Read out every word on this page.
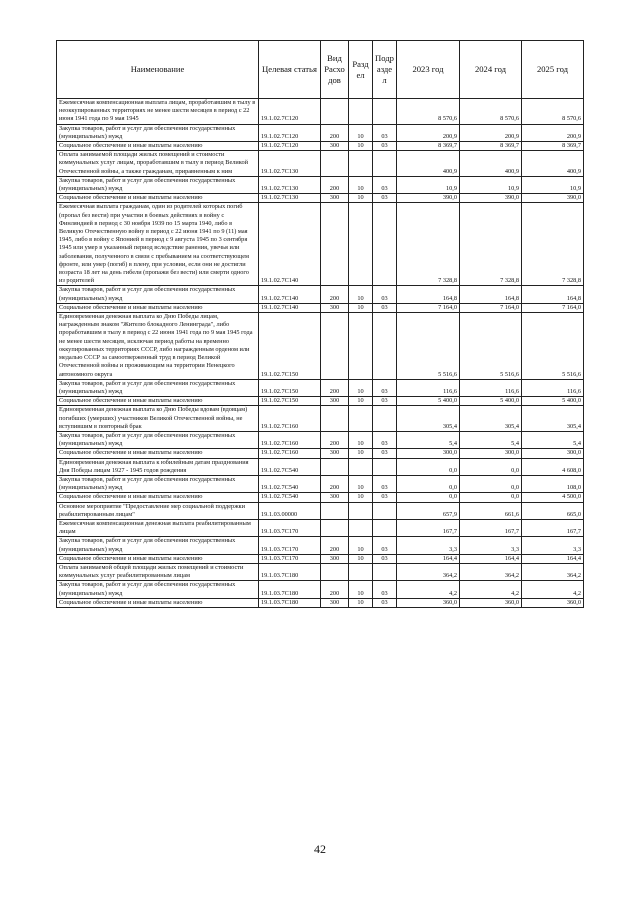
Наименование	Целевая статья	Вид Расхо дов	Разд ел	Подр азде л	2023 год	2024 год	2025 год
Ежемесячная компенсационная выплата лицам, проработавшим в тылу в неоккупированных территориях не менее шести месяцев в период с 22 июня 1941 года по 9 мая 1945	19.1.02.7С120				8 570,6	8 570,6	8 570,6
Закупка товаров, работ и услуг для обеспечения государственных (муниципальных) нужд	19.1.02.7С120	200	10	03	200,9	200,9	200,9
Социальное обеспечение и иные выплаты населению	19.1.02.7С120	300	10	03	8 369,7	8 369,7	8 369,7
Оплата занимаемой площади жилых помещений и стоимости коммунальных услуг лицам, проработавшим в тылу в период Великой Отечественной войны, а также гражданам, приравненным к ним	19.1.02.7С130				400,9	400,9	400,9
Закупка товаров, работ и услуг для обеспечения государственных (муниципальных) нужд	19.1.02.7С130	200	10	03	10,9	10,9	10,9
Социальное обеспечение и иные выплаты населению	19.1.02.7С130	300	10	03	390,0	390,0	390,0
Ежемесячная выплата гражданам, один из родителей которых погиб (пропал без вести) при участии в боевых действиях в войну с Финляндией в период с 30 ноября 1939 по 15 марта 1940, либо в Великую Отечественную войну в период с 22 июня 1941 по 9 (11) мая 1945, либо в войну с Японией в период с 9 августа 1945 по 3 сентября 1945 или умер в указанный период вследствие ранения, увечья или заболевания, полученного в связи с пребыванием на соответствующем фронте, или умер (погиб) в плену, при условии, если они не достигли возраста 18 лет на день гибели (пропажи без вести) или смерти одного из родителей	19.1.02.7С140				7 328,8	7 328,8	7 328,8
Закупка товаров, работ и услуг для обеспечения государственных (муниципальных) нужд	19.1.02.7С140	200	10	03	164,8	164,8	164,8
Социальное обеспечение и иные выплаты населению	19.1.02.7С140	300	10	03	7 164,0	7 164,0	7 164,0
Единовременная денежная выплата ко Дню Победы лицам, награжденным знаком "Жителю блокадного Ленинграда", либо проработавшим в тылу в период с 22 июня 1941 года по 9 мая 1945 года не менее шести месяцев, исключая период работы на временно оккупированных территориях СССР, либо награжденным орденом или медалью СССР за самоотверженный труд в период Великой Отечественной войны и проживающим на территории Ненецкого автономного округа	19.1.02.7С150				5 516,6	5 516,6	5 516,6
Закупка товаров, работ и услуг для обеспечения государственных (муниципальных) нужд	19.1.02.7С150	200	10	03	116,6	116,6	116,6
Социальное обеспечение и иные выплаты населению	19.1.02.7С150	300	10	03	5 400,0	5 400,0	5 400,0
Единовременная денежная выплата ко Дню Победы вдовам (вдовцам) погибших (умерших) участников Великой Отечественной войны, не вступившим в повторный брак	19.1.02.7С160				305,4	305,4	305,4
Закупка товаров, работ и услуг для обеспечения государственных (муниципальных) нужд	19.1.02.7С160	200	10	03	5,4	5,4	5,4
Социальное обеспечение и иные выплаты населению	19.1.02.7С160	300	10	03	300,0	300,0	300,0
Единовременная денежная выплата к юбилейным датам празднования Дня Победы лицам 1927 - 1945 годов рождения	19.1.02.7С540				0,0	0,0	4 608,0
Закупка товаров, работ и услуг для обеспечения государственных (муниципальных) нужд	19.1.02.7С540	200	10	03	0,0	0,0	108,0
Социальное обеспечение и иные выплаты населению	19.1.02.7С540	300	10	03	0,0	0,0	4 500,0
Основное мероприятие "Предоставление мер социальной поддержки реабилитированным лицам"	19.1.03.00000				657,9	661,6	665,0
Ежемесячная компенсационная денежная выплата реабилитированным лицам	19.1.03.7С170				167,7	167,7	167,7
Закупка товаров, работ и услуг для обеспечения государственных (муниципальных) нужд	19.1.03.7С170	200	10	03	3,3	3,3	3,3
Социальное обеспечение и иные выплаты населению	19.1.03.7С170	300	10	03	164,4	164,4	164,4
Оплата занимаемой общей площади жилых помещений и стоимости коммунальных услуг реабилитированным лицам	19.1.03.7С180				364,2	364,2	364,2
Закупка товаров, работ и услуг для обеспечения государственных (муниципальных) нужд	19.1.03.7С180	200	10	03	4,2	4,2	4,2
Социальное обеспечение и иные выплаты населению	19.1.03.7С180	300	10	03	360,0	360,0	360,0
42
